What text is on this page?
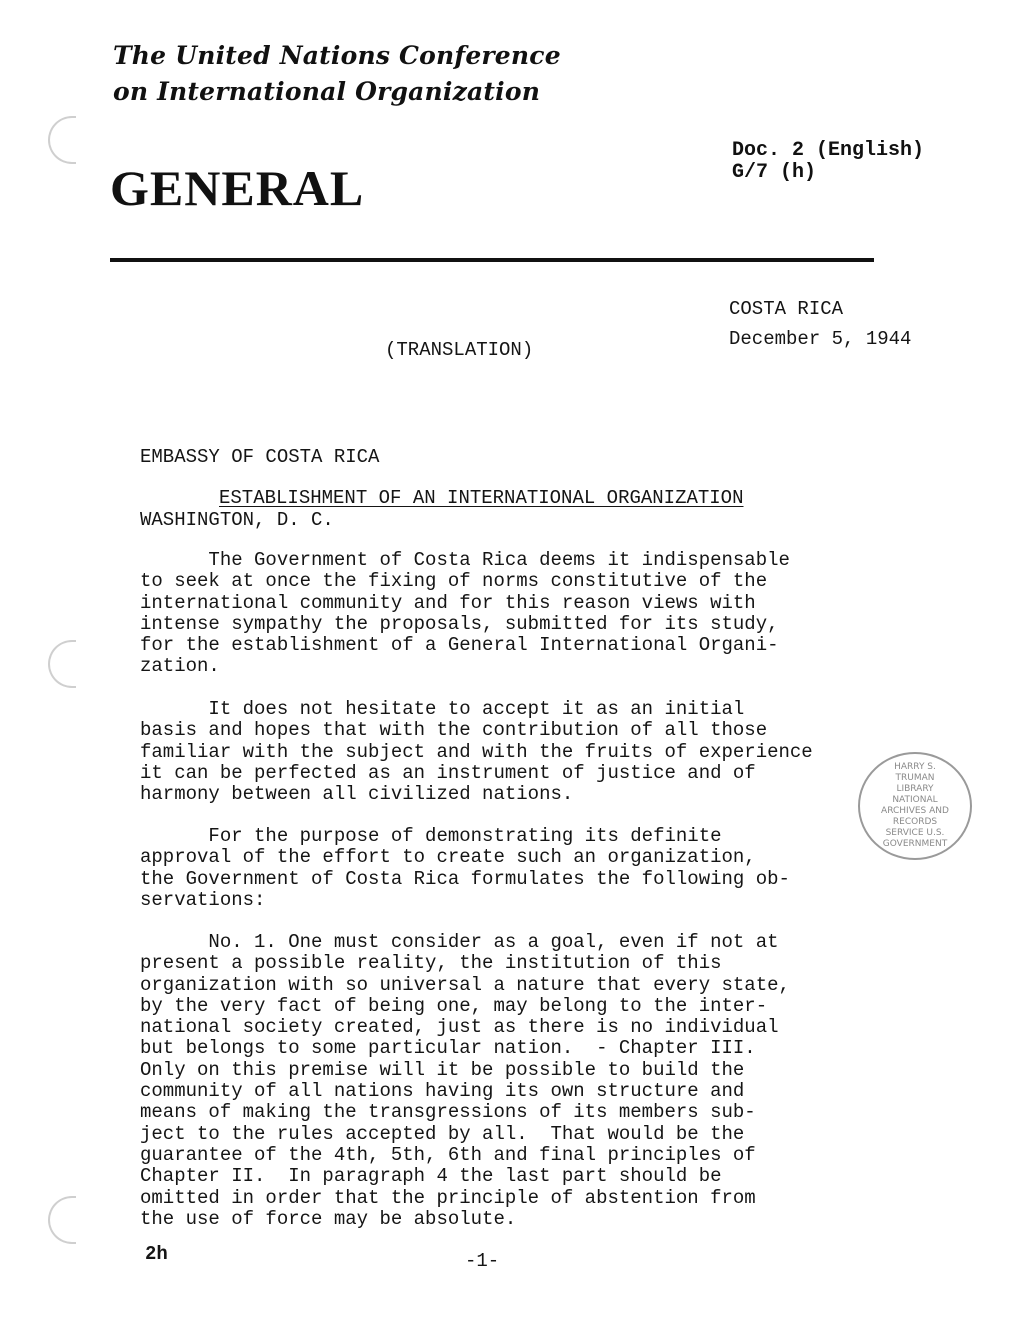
The United Nations Conference
on International Organization
GENERAL
Doc. 2 (English)
G/7 (h)
COSTA RICA
December 5, 1944
(TRANSLATION)

EMBASSY OF COSTA RICA

WASHINGTON, D. C.

ESTABLISHMENT OF AN INTERNATIONAL ORGANIZATION
The Government of Costa Rica deems it indispensable
to seek at once the fixing of norms constitutive of the
international community and for this reason views with
intense sympathy the proposals, submitted for its study,
for the establishment of a General International Organi-
zation.
It does not hesitate to accept it as an initial
basis and hopes that with the contribution of all those
familiar with the subject and with the fruits of experience
it can be perfected as an instrument of justice and of
harmony between all civilized nations.
For the purpose of demonstrating its definite
approval of the effort to create such an organization,
the Government of Costa Rica formulates the following ob-
servations:
No. 1. One must consider as a goal, even if not at
present a possible reality, the institution of this
organization with so universal a nature that every state,
by the very fact of being one, may belong to the inter-
national society created, just as there is no individual
but belongs to some particular nation.  - Chapter III.
Only on this premise will it be possible to build the
community of all nations having its own structure and
means of making the transgressions of its members sub-
ject to the rules accepted by all.  That would be the
guarantee of the 4th, 5th, 6th and final principles of
Chapter II.  In paragraph 4 the last part should be
omitted in order that the principle of abstention from
the use of force may be absolute.
HARRY S. TRUMAN LIBRARY NATIONAL ARCHIVES AND RECORDS SERVICE U.S. GOVERNMENT
2h	-1-
